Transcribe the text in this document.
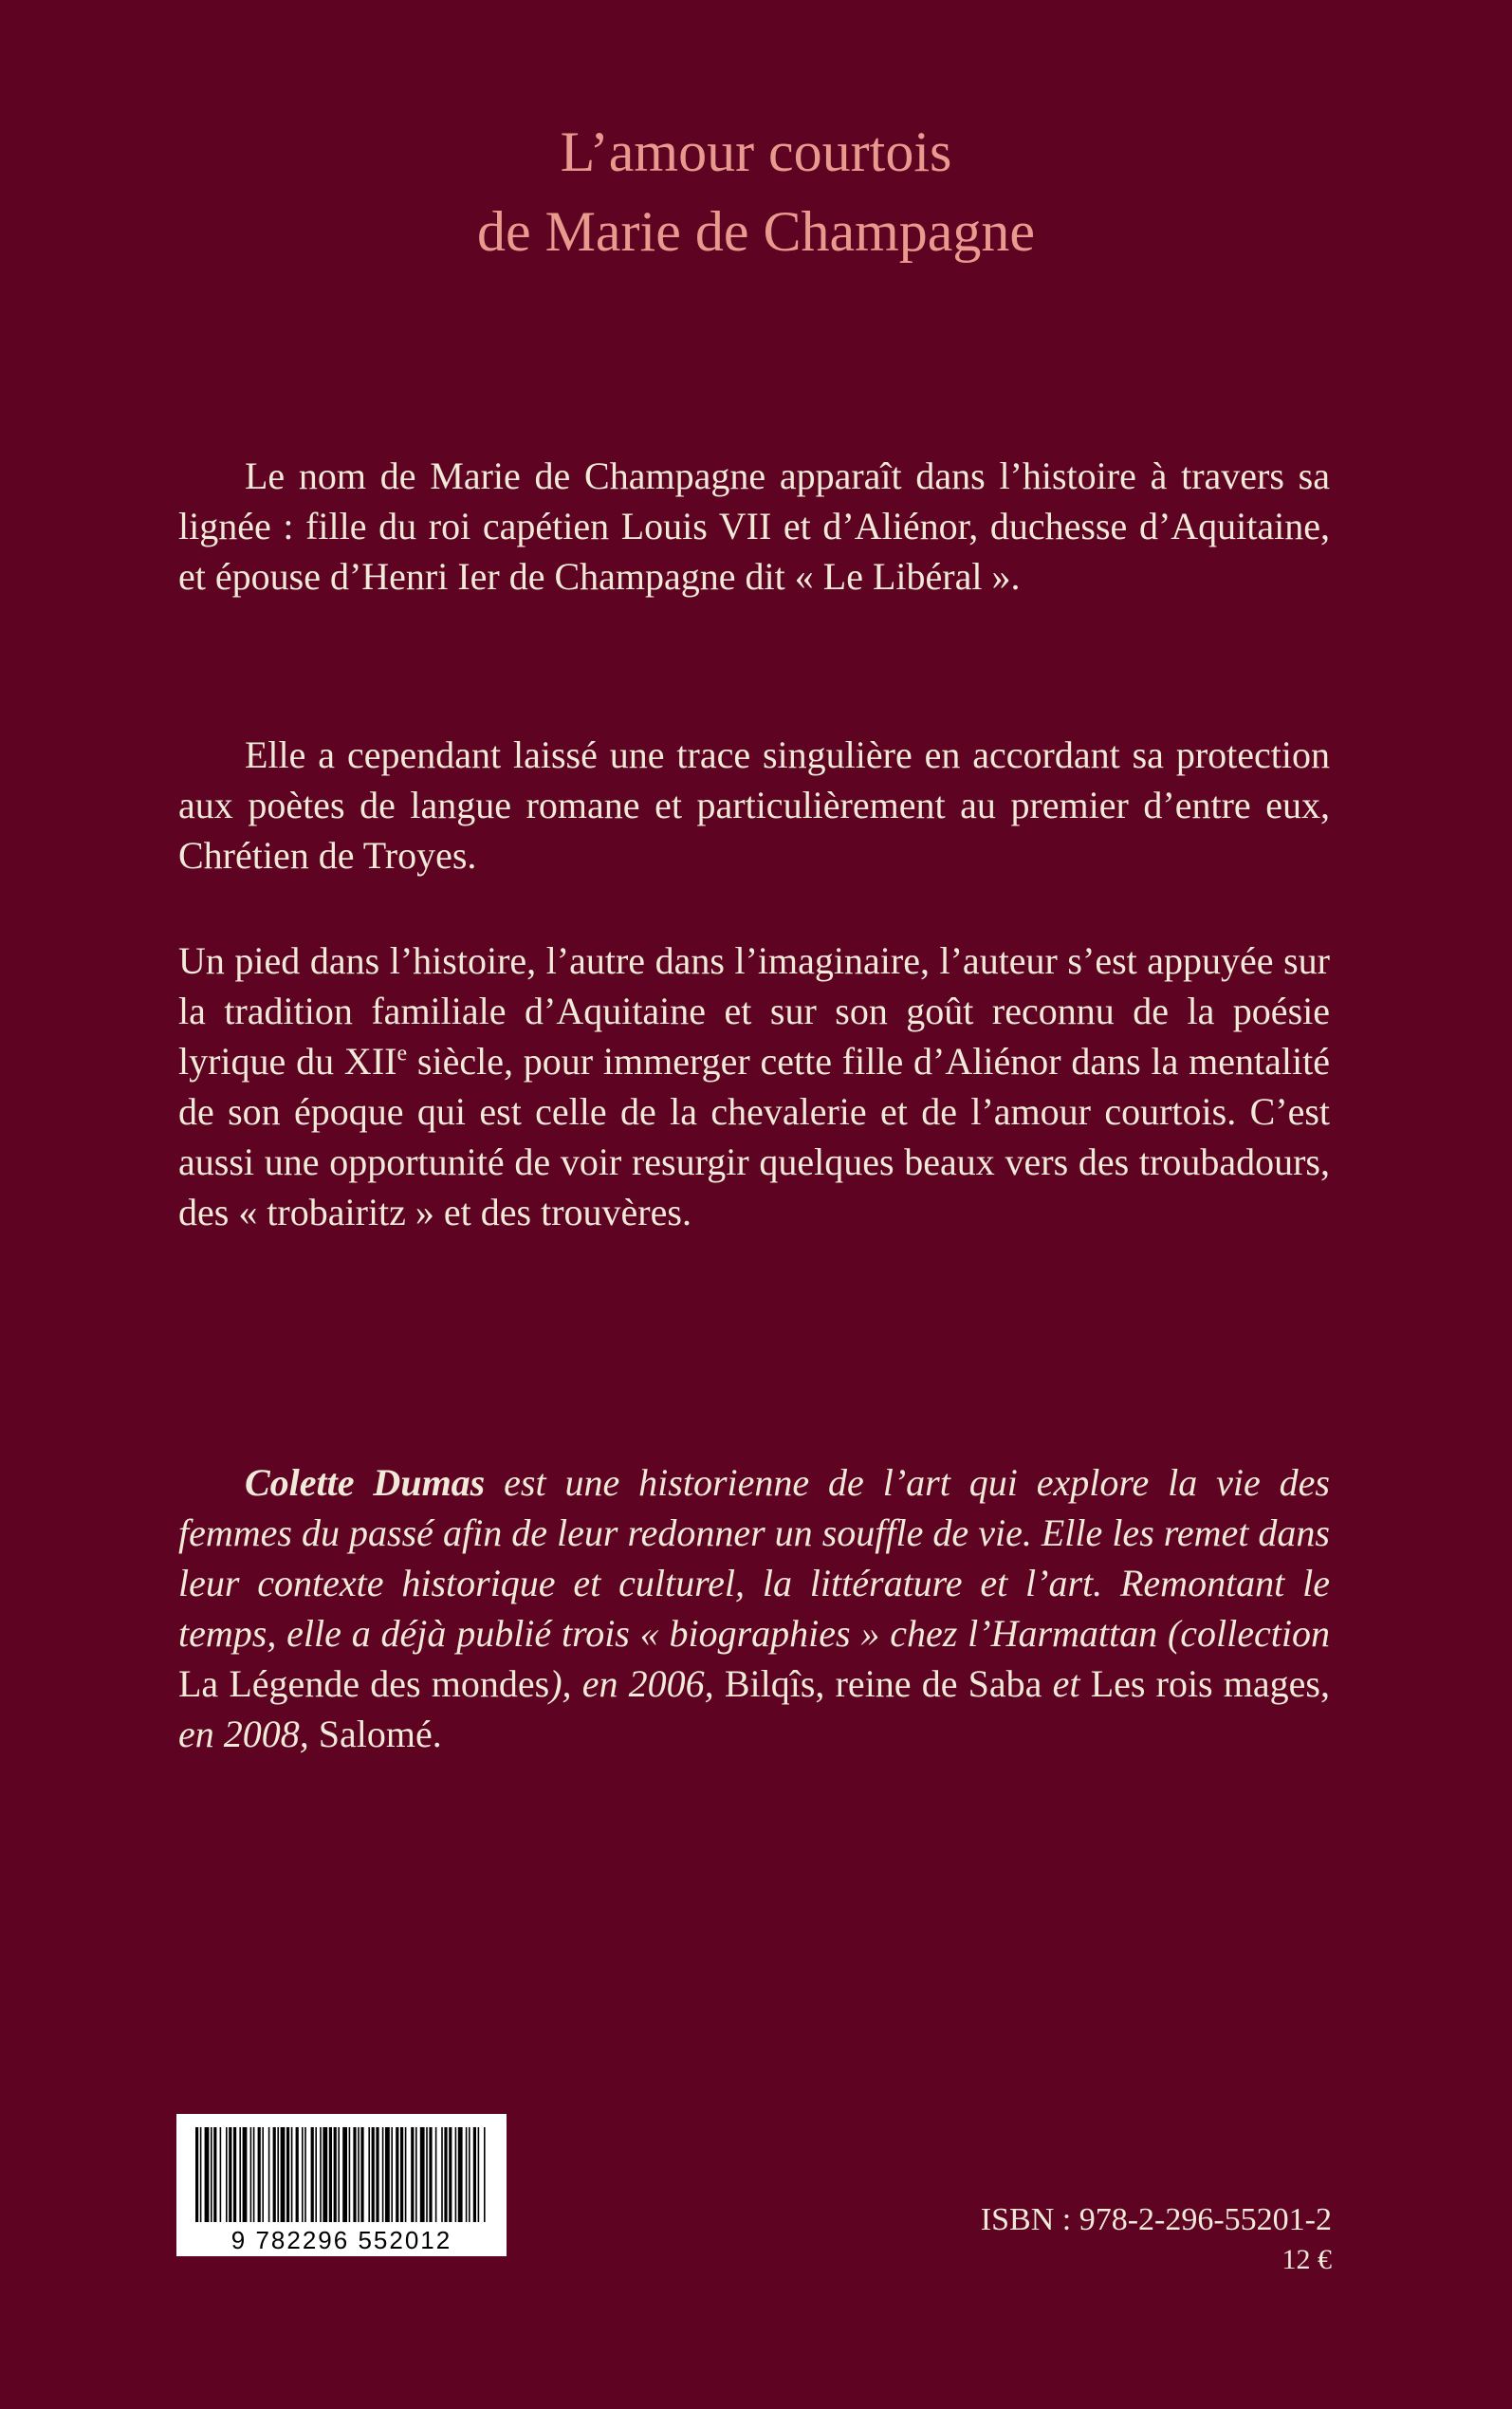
L’amour courtois
de Marie de Champagne

Le nom de Marie de Champagne apparaît dans l’histoire à travers sa lignée : fille du roi capétien Louis VII et d’Aliénor, duchesse d’Aquitaine, et épouse d’Henri Ier de Champagne dit « Le Libéral ».

Elle a cependant laissé une trace singulière en accordant sa protection aux poètes de langue romane et particulièrement au premier d’entre eux, Chrétien de Troyes.

Un pied dans l’histoire, l’autre dans l’imaginaire, l’auteur s’est appuyée sur la tradition familiale d’Aquitaine et sur son goût reconnu de la poésie lyrique du XIIe siècle, pour immerger cette fille d’Aliénor dans la mentalité de son époque qui est celle de la chevalerie et de l’amour courtois. C’est aussi une opportunité de voir resurgir quelques beaux vers des troubadours, des « trobairitz » et des trouvères.

Colette Dumas est une historienne de l’art qui explore la vie des femmes du passé afin de leur redonner un souffle de vie. Elle les remet dans leur contexte historique et culturel, la littérature et l’art. Remontant le temps, elle a déjà publié trois « biographies » chez l’Harmattan (collection La Légende des mondes), en 2006, Bilqîs, reine de Saba et Les rois mages, en 2008, Salomé.

9 782296 552012
ISBN : 978-2-296-55201-2
12 €
